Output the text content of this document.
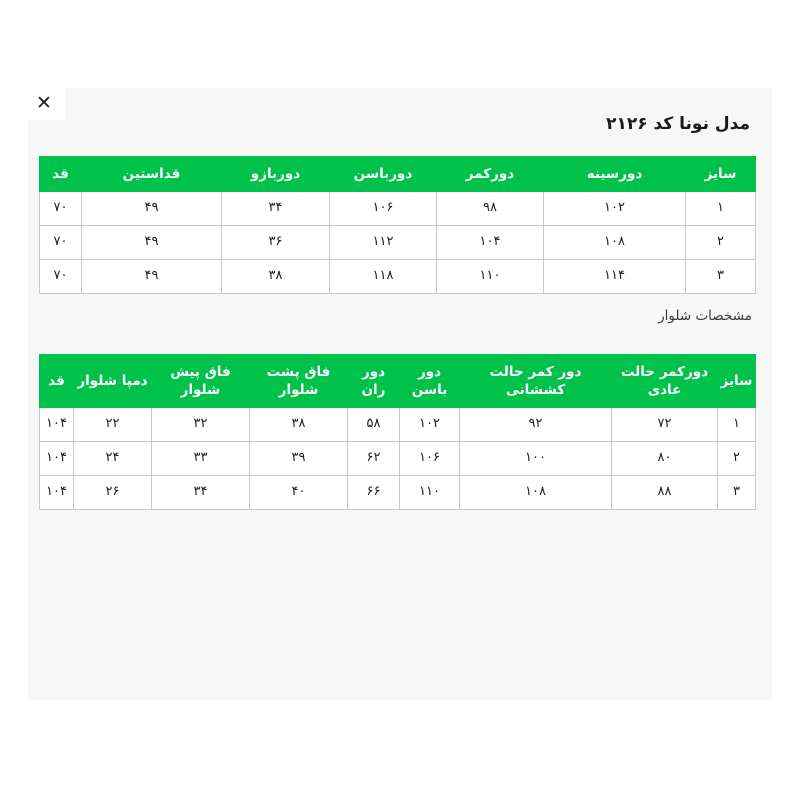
✕
مدل نونا کد ۲۱۲۶
سایز	دورسینه	دورکمر	دورباسن	دوربازو	قداستین	قد
۱	۱۰۲	۹۸	۱۰۶	۳۴	۴۹	۷۰
۲	۱۰۸	۱۰۴	۱۱۲	۳۶	۴۹	۷۰
۳	۱۱۴	۱۱۰	۱۱۸	۳۸	۴۹	۷۰
مشخصات شلوار
سایز	دورکمر حالت عادی	دور کمر حالت کششانی	دور باسن	دور ران	فاق پشت شلوار	فاق پیش شلوار	دمپا شلوار	قد
۱	۷۲	۹۲	۱۰۲	۵۸	۳۸	۳۲	۲۲	۱۰۴
۲	۸۰	۱۰۰	۱۰۶	۶۲	۳۹	۳۳	۲۴	۱۰۴
۳	۸۸	۱۰۸	۱۱۰	۶۶	۴۰	۳۴	۲۶	۱۰۴
